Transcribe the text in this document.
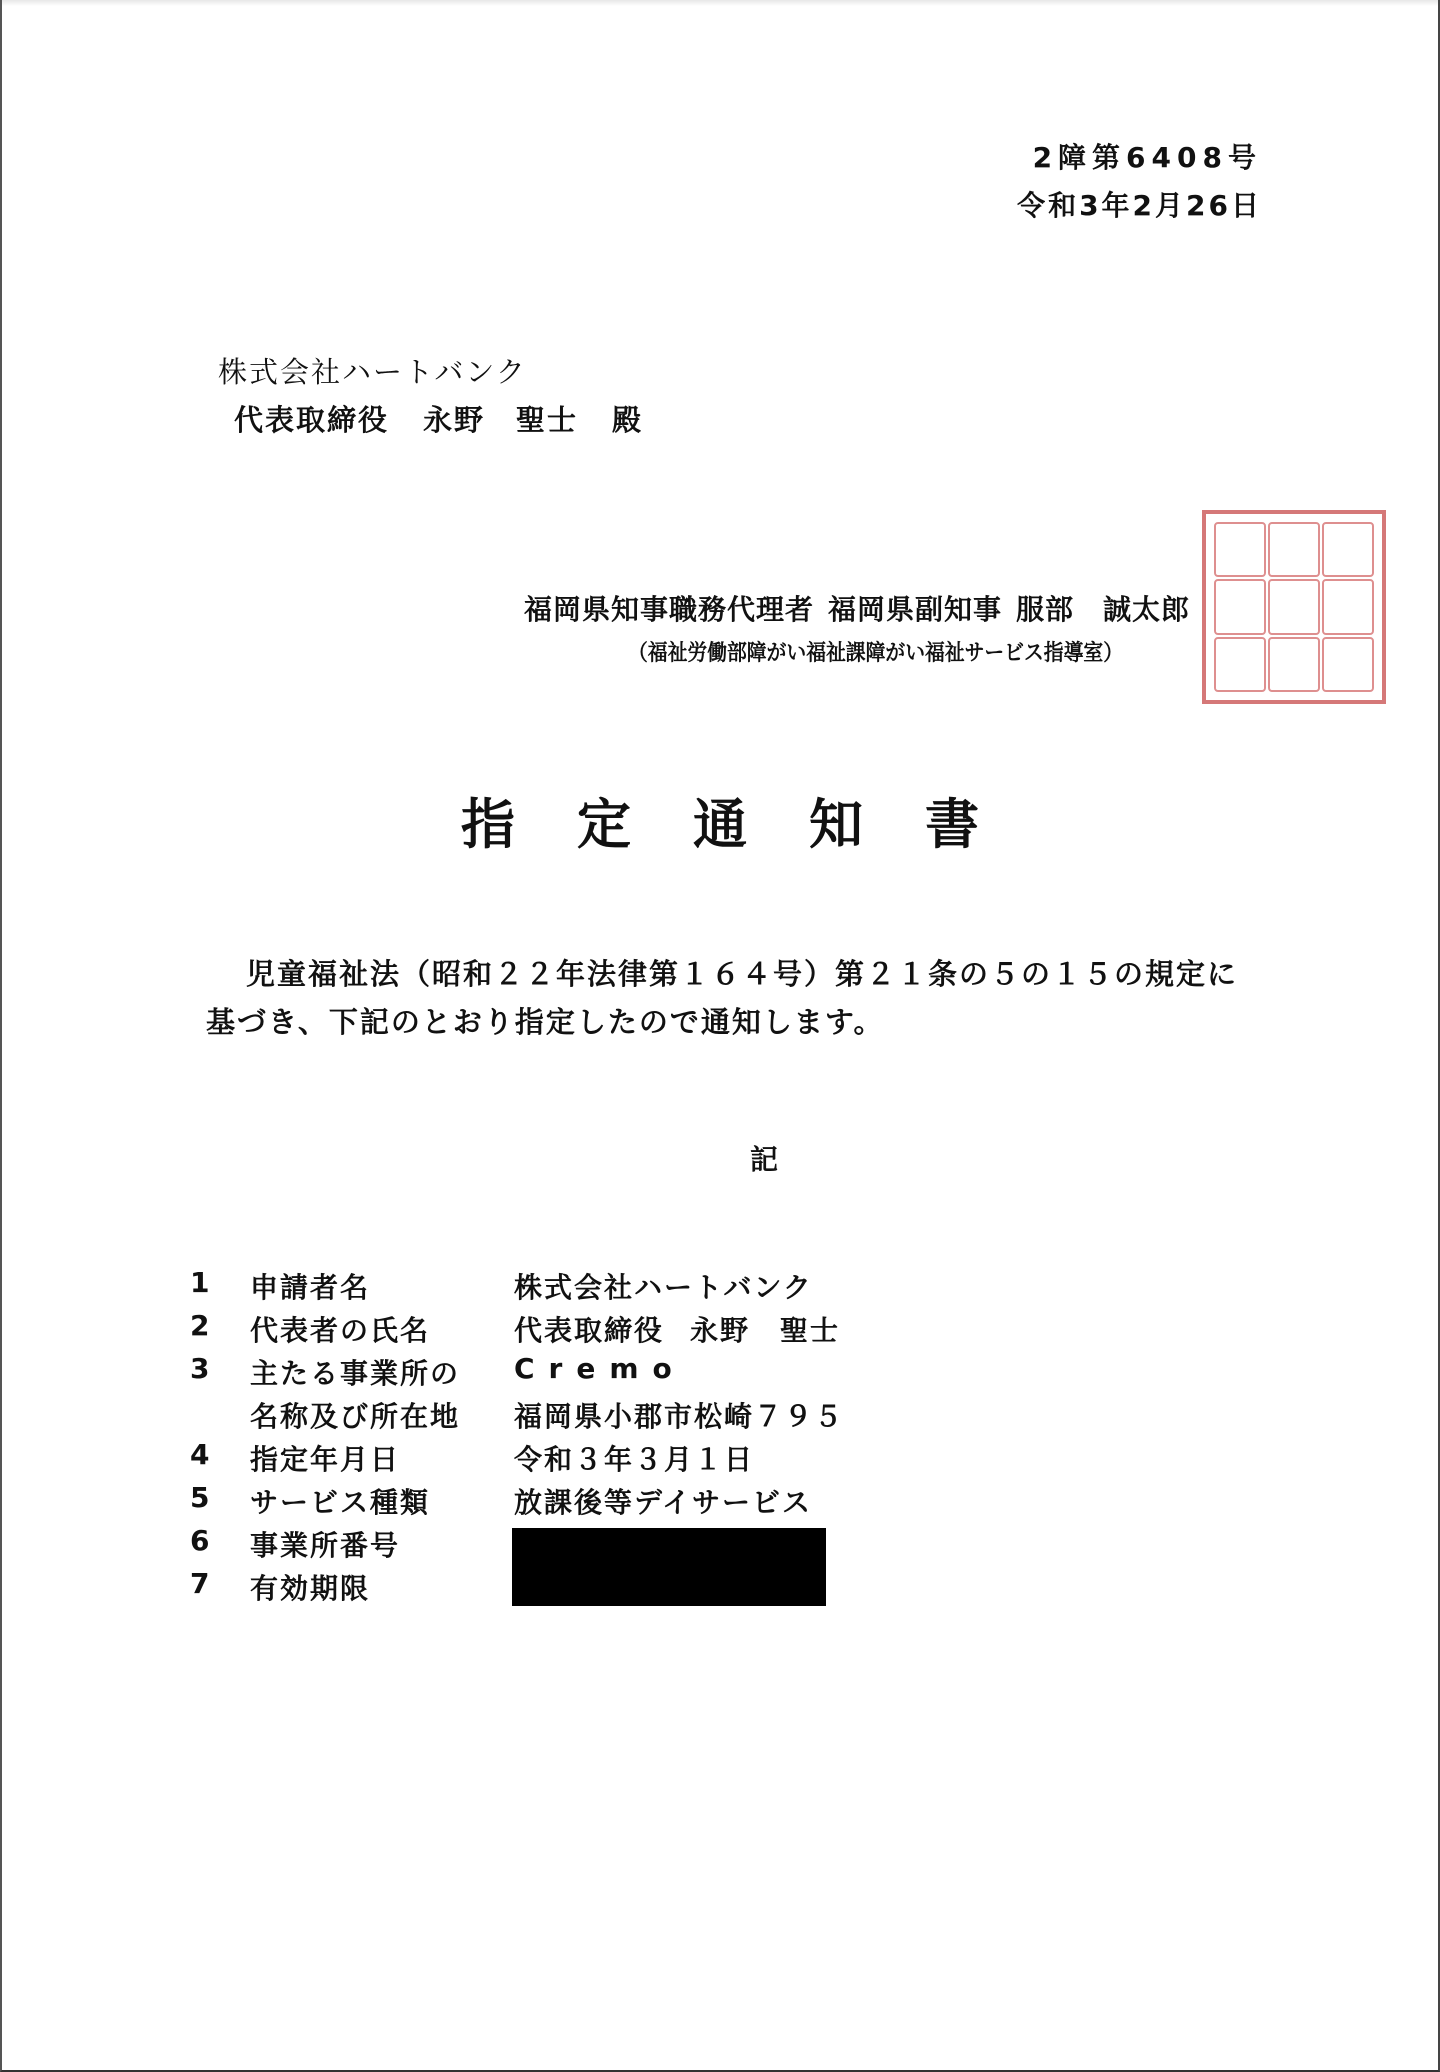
2障第6408号
令和3年2月26日
株式会社ハートバンク
代表取締役 永野　聖士 殿
福岡県知事職務代理者 福岡県副知事 服部　誠太郎
（福祉労働部障がい福祉課障がい福祉サービス指導室）
指定通知書

児童福祉法（昭和２２年法律第１６４号）第２１条の５の１５の規定に

基づき、下記のとおり指定したので通知します。

記
1	申請者名	株式会社ハートバンク
2	代表者の氏名	代表取締役 永野　聖士
3	主たる事業所の Cremo
名称及び所在地 福岡県小郡市松崎７９５
4	指定年月日	令和３年３月１日
5	サービス種類	放課後等デイサービス
6	事業所番号
7	有効期限
